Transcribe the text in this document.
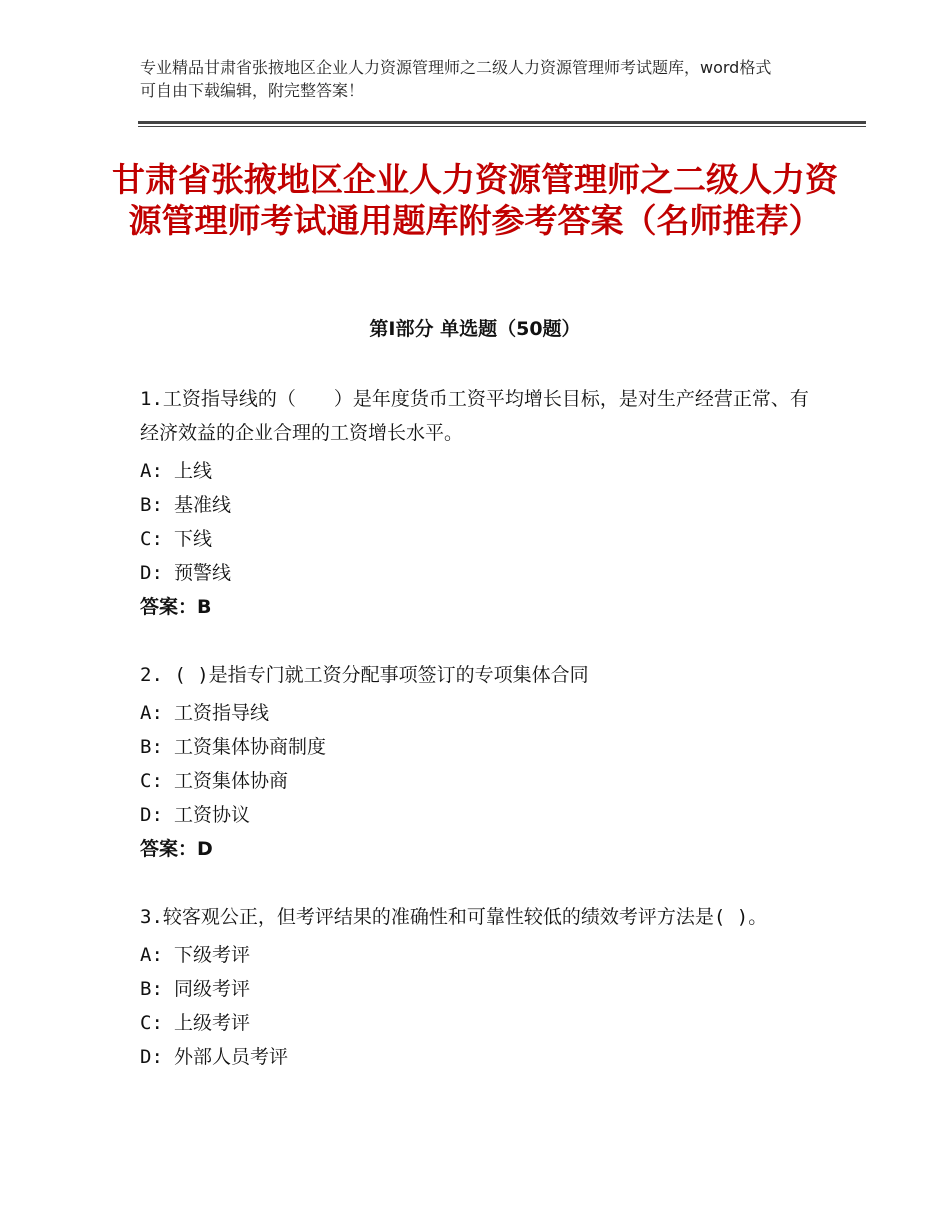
专业精品甘肃省张掖地区企业人力资源管理师之二级人力资源管理师考试题库，word格式可自由下载编辑，附完整答案！
甘肃省张掖地区企业人力资源管理师之二级人力资源管理师考试通用题库附参考答案（名师推荐）
第Ⅰ部分 单选题（50题）
1.工资指导线的（　　）是年度货币工资平均增长目标，是对生产经营正常、有经济效益的企业合理的工资增长水平。
A: 上线
B: 基准线
C: 下线
D: 预警线
答案：B
2. ( )是指专门就工资分配事项签订的专项集体合同
A: 工资指导线
B: 工资集体协商制度
C: 工资集体协商
D: 工资协议
答案：D
3.较客观公正，但考评结果的准确性和可靠性较低的绩效考评方法是( )。
A: 下级考评
B: 同级考评
C: 上级考评
D: 外部人员考评
